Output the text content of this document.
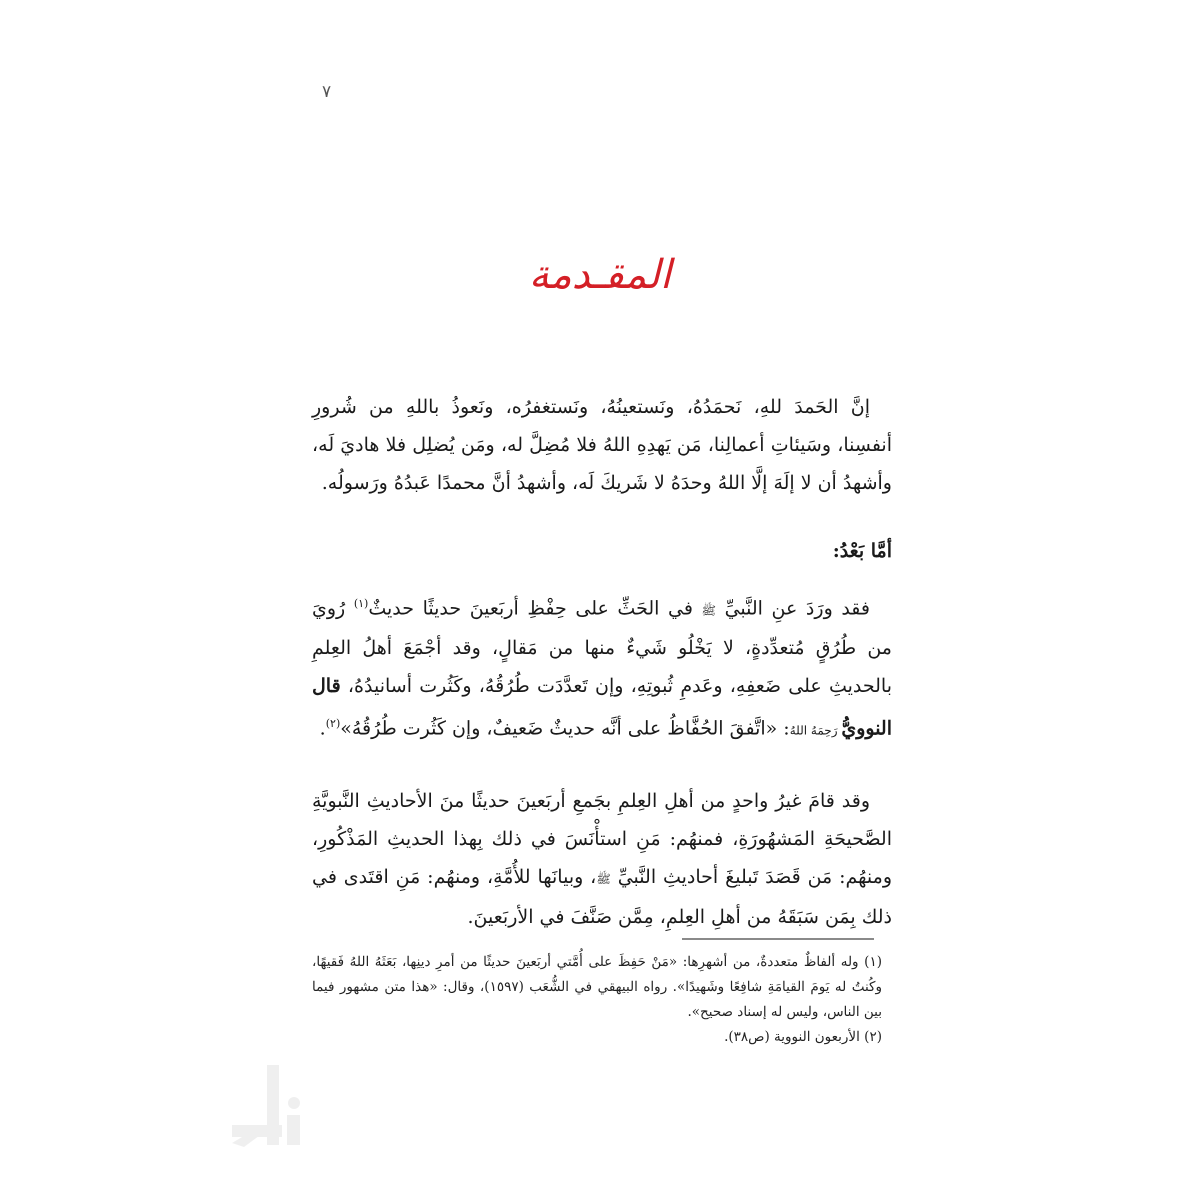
٧
المقـدمة

إنَّ الحَمدَ للهِ، نَحمَدُهُ، ونَستعينُهُ، ونَستغفرُه، ونَعوذُ باللهِ من شُرورِ أنفسِنا، وسَيئاتِ أعمالِنا، مَن يَهدِهِ اللهُ فلا مُضِلَّ له، ومَن يُضلِل فلا هاديَ لَه، وأشهدُ أن لا إلَهَ إلَّا اللهُ وحدَهُ لا شَريكَ لَه، وأشهدُ أنَّ محمدًا عَبدُهُ ورَسولُه.

أمَّا بَعْدُ:

فقد ورَدَ عنِ النَّبيِّ ﷺ في الحَثِّ على حِفْظِ أربَعينَ حديثًا حديثٌ$^{(١)}$ رُويَ من طُرُقٍ مُتعدِّدةٍ، لا يَخْلُو شَيءٌ منها من مَقالٍ، وقد أجْمَعَ أهلُ العِلمِ بالحديثِ على ضَعفِهِ، وعَدمِ ثُبوتِهِ، وإن تَعدَّدَت طُرُقُهُ، وكَثُرت أسانيدُهُ، قال النوويُّ رَحِمَهُ اللهُ: «اتَّفقَ الحُفَّاظُ على أنَّه حديثٌ ضَعيفٌ، وإن كَثُرت طُرُقُهُ»$^{(٢)}$.

وقد قامَ غيرُ واحدٍ من أهلِ العِلمِ بجَمعِ أربَعينَ حديثًا منَ الأحاديثِ النَّبويَّةِ الصَّحيحَةِ المَشهُورَةِ، فمنهُم: مَنِ استأْنَسَ في ذلك بِهذا الحديثِ المَذْكُورِ، ومنهُم: مَن قَصَدَ تَبليغَ أحاديثِ النَّبيِّ ﷺ، وبيانَها للأُمَّةِ، ومنهُم: مَنِ اقتَدى في ذلك بِمَن سَبَقَهُ من أهلِ العِلمِ، مِمَّن صَنَّفَ في الأربَعينَ.

(١) وله ألفاظٌ متعددةٌ، من أشهرِها: «مَنْ حَفِظَ على أُمَّتي أربَعينَ حديثًا من أمرِ دينِها، بَعَثَهُ اللهُ فَقيهًا، وكُنتُ له يَومَ القيامَةِ شافِعًا وشَهيدًا». رواه البيهقي في الشُّعَب (١٥٩٧)، وقال: «هذا متن مشهور فيما بين الناس، وليس له إسناد صحيح».

(٢) الأربعون النووية (ص٣٨).
